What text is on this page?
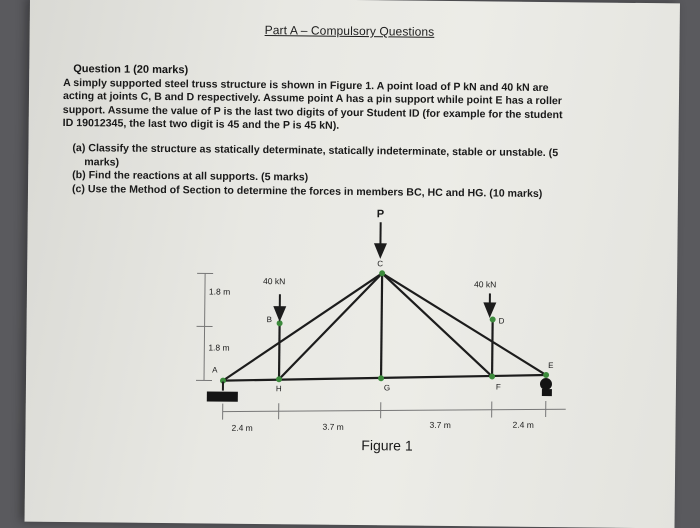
Part A – Compulsory Questions
Question 1 (20 marks)
A simply supported steel truss structure is shown in Figure 1. A point load of P kN and 40 kN are
acting at joints C, B and D respectively. Assume point A has a pin support while point E has a roller
support. Assume the value of P is the last two digits of your Student ID (for example for the student
ID 19012345, the last two digit is 45 and the P is 45 kN).
(a) Classify the structure as statically determinate, statically indeterminate, stable or unstable. (5
marks)
(b) Find the reactions at all supports. (5 marks)
(c) Use the Method of Section to determine the forces in members BC, HC and HG. (10 marks)
P
40 kN	40 kN
C
B	D
E
A
H	G	F
1.8 m
1.8 m
2.4 m	3.7 m	3.7 m	2.4 m
Figure 1
